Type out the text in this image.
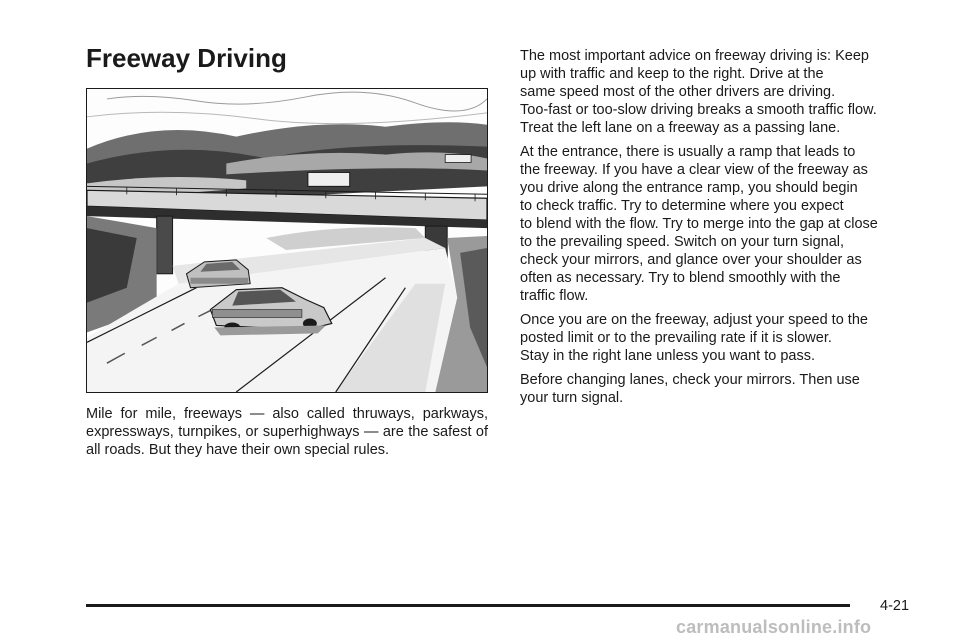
Freeway Driving

Mile for mile, freeways — also called thruways, parkways, expressways, turnpikes, or superhighways — are the safest of all roads. But they have their own special rules.

The most important advice on freeway driving is: Keep
up with traffic and keep to the right. Drive at the
same speed most of the other drivers are driving.
Too-fast or too-slow driving breaks a smooth traffic flow.
Treat the left lane on a freeway as a passing lane.

At the entrance, there is usually a ramp that leads to
the freeway. If you have a clear view of the freeway as
you drive along the entrance ramp, you should begin
to check traffic. Try to determine where you expect
to blend with the flow. Try to merge into the gap at close
to the prevailing speed. Switch on your turn signal,
check your mirrors, and glance over your shoulder as
often as necessary. Try to blend smoothly with the
traffic flow.

Once you are on the freeway, adjust your speed to the
posted limit or to the prevailing rate if it is slower.
Stay in the right lane unless you want to pass.

Before changing lanes, check your mirrors. Then use
your turn signal.

4-21
carmanualsonline.info
